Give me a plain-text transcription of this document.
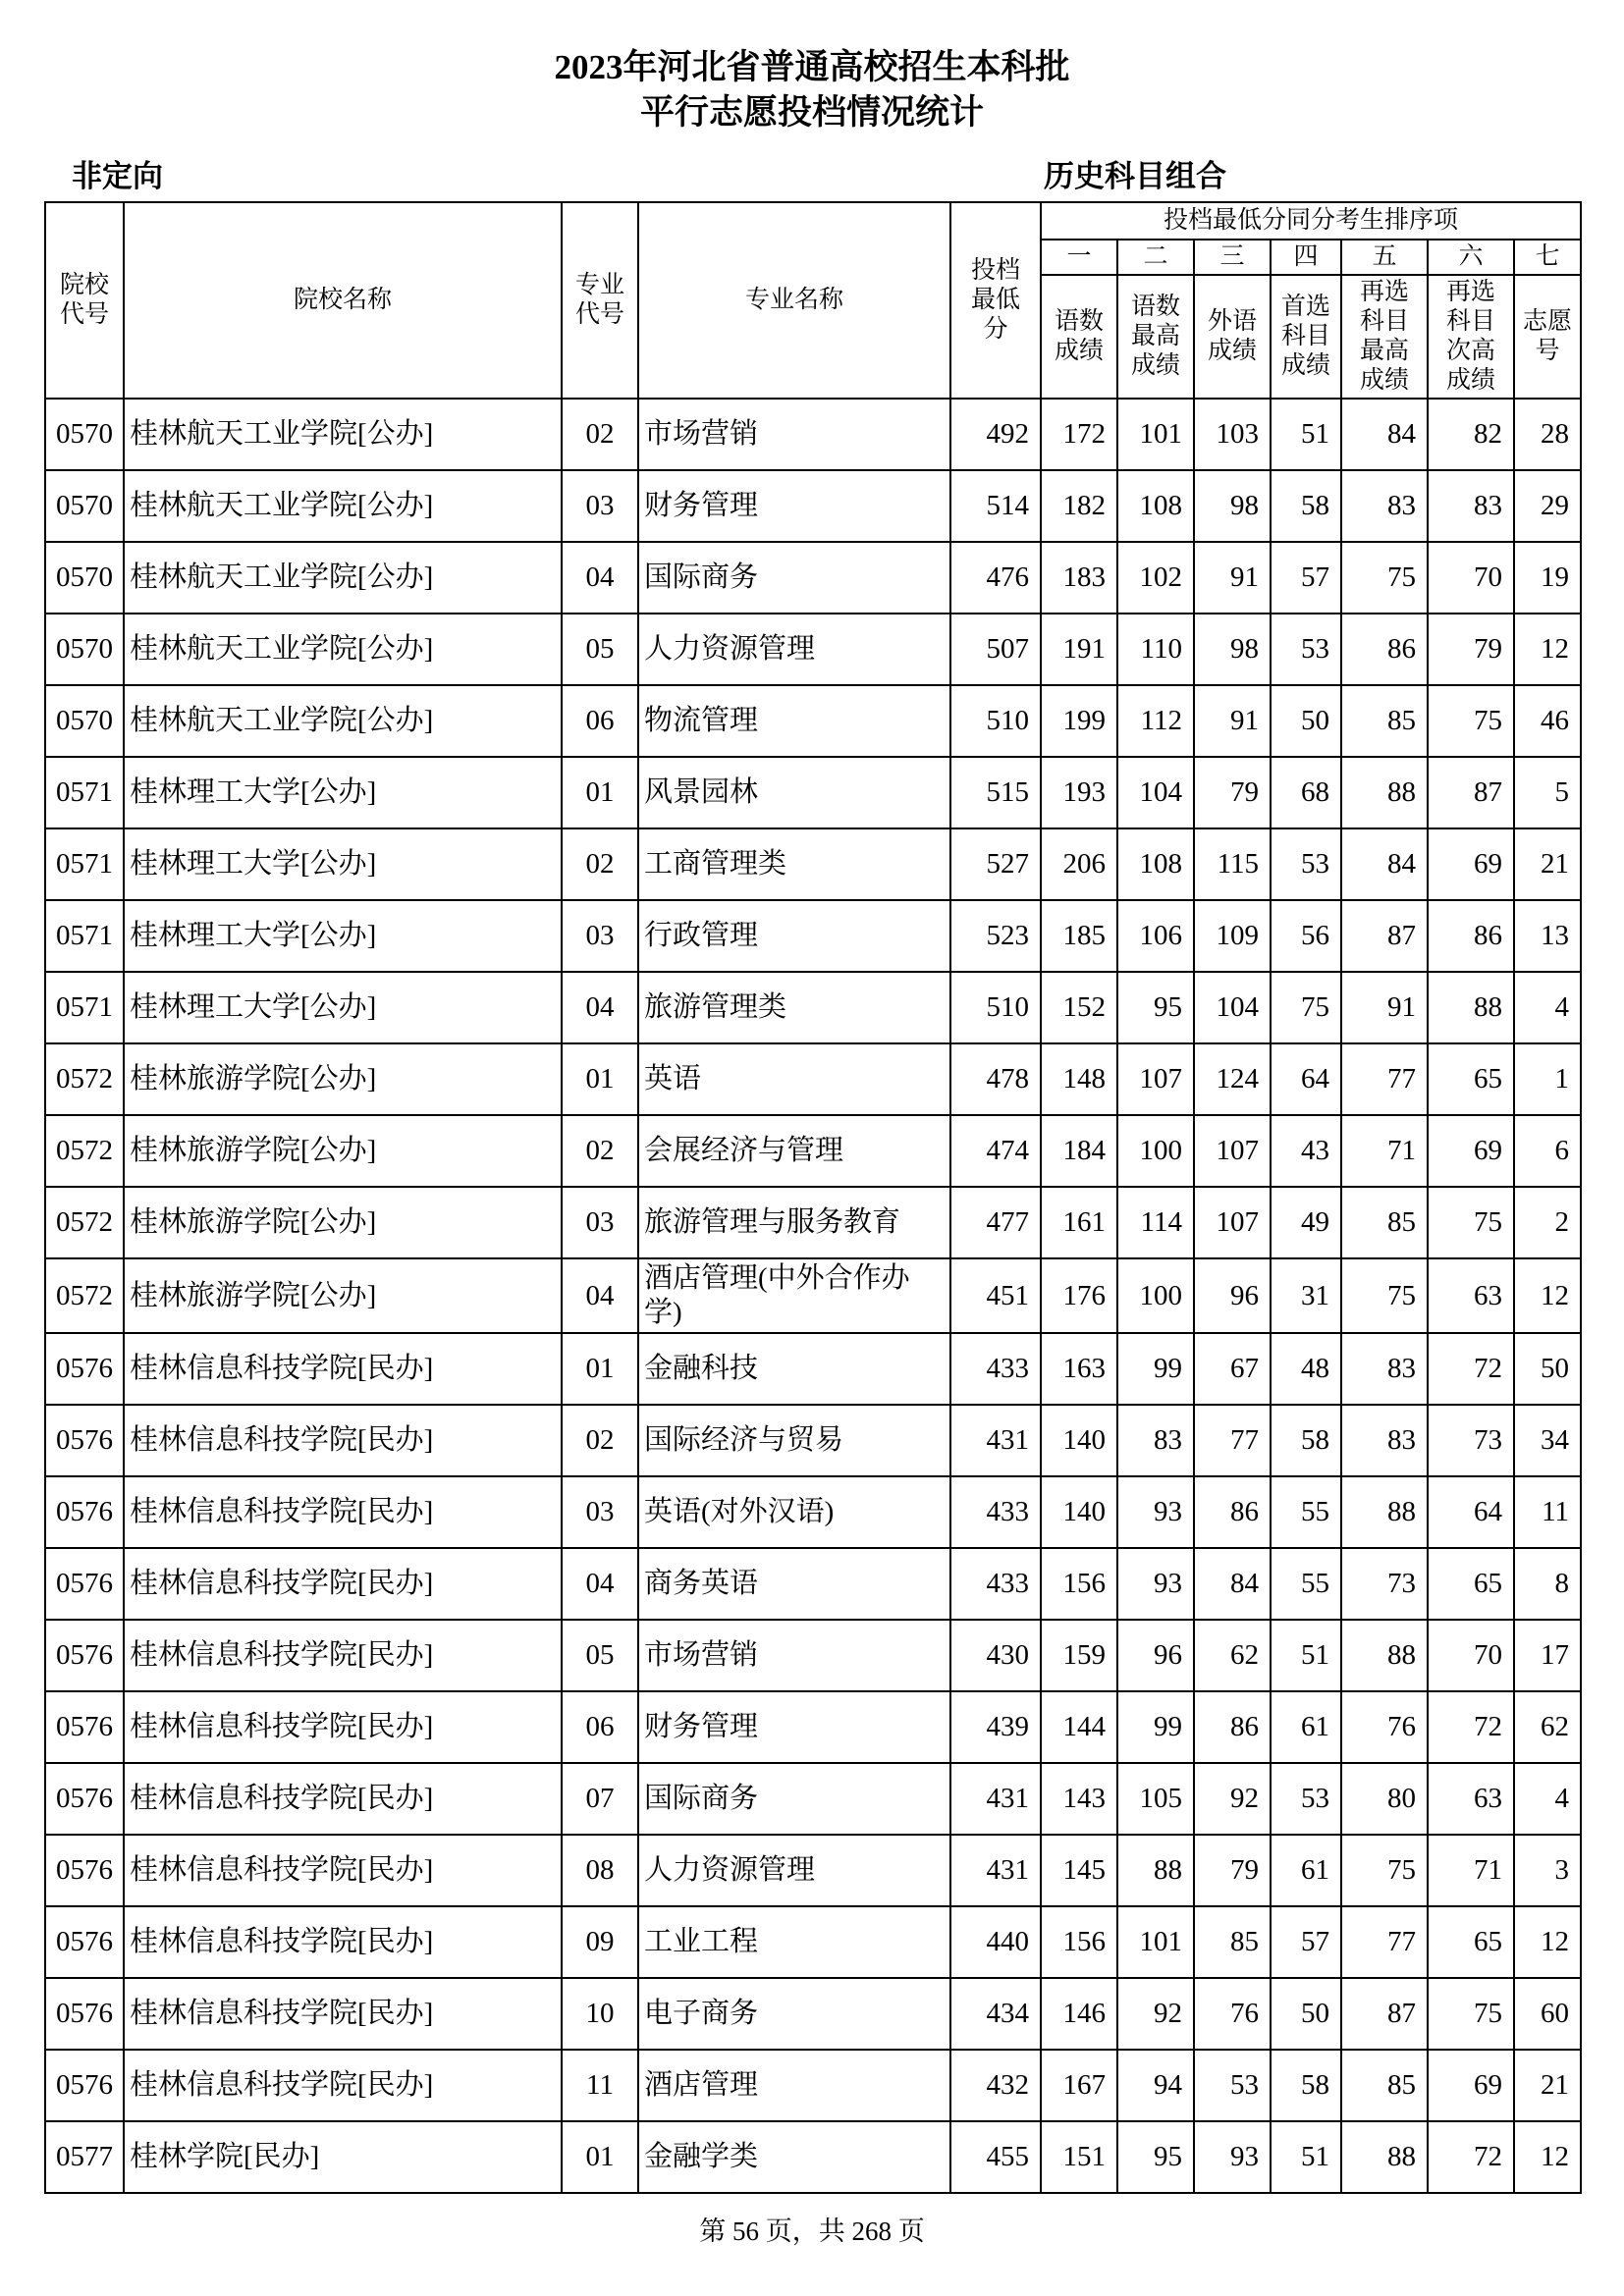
2023年河北省普通高校招生本科批
平行志愿投档情况统计
非定向	历史科目组合
院校代号	院校名称	专业代号	专业名称	投档最低分	投档最低分同分考生排序项						
					一	二	三	四	五	六	七
					语数成绩	语数最高成绩	外语成绩	首选科目成绩	再选科目最高成绩	再选科目次高成绩	志愿号
0570	桂林航天工业学院[公办]	02	市场营销	492	172	101	103	51	84	82	28
0570	桂林航天工业学院[公办]	03	财务管理	514	182	108	98	58	83	83	29
0570	桂林航天工业学院[公办]	04	国际商务	476	183	102	91	57	75	70	19
0570	桂林航天工业学院[公办]	05	人力资源管理	507	191	110	98	53	86	79	12
0570	桂林航天工业学院[公办]	06	物流管理	510	199	112	91	50	85	75	46
0571	桂林理工大学[公办]	01	风景园林	515	193	104	79	68	88	87	5
0571	桂林理工大学[公办]	02	工商管理类	527	206	108	115	53	84	69	21
0571	桂林理工大学[公办]	03	行政管理	523	185	106	109	56	87	86	13
0571	桂林理工大学[公办]	04	旅游管理类	510	152	95	104	75	91	88	4
0572	桂林旅游学院[公办]	01	英语	478	148	107	124	64	77	65	1
0572	桂林旅游学院[公办]	02	会展经济与管理	474	184	100	107	43	71	69	6
0572	桂林旅游学院[公办]	03	旅游管理与服务教育	477	161	114	107	49	85	75	2
0572	桂林旅游学院[公办]	04	酒店管理(中外合作办学)	451	176	100	96	31	75	63	12
0576	桂林信息科技学院[民办]	01	金融科技	433	163	99	67	48	83	72	50
0576	桂林信息科技学院[民办]	02	国际经济与贸易	431	140	83	77	58	83	73	34
0576	桂林信息科技学院[民办]	03	英语(对外汉语)	433	140	93	86	55	88	64	11
0576	桂林信息科技学院[民办]	04	商务英语	433	156	93	84	55	73	65	8
0576	桂林信息科技学院[民办]	05	市场营销	430	159	96	62	51	88	70	17
0576	桂林信息科技学院[民办]	06	财务管理	439	144	99	86	61	76	72	62
0576	桂林信息科技学院[民办]	07	国际商务	431	143	105	92	53	80	63	4
0576	桂林信息科技学院[民办]	08	人力资源管理	431	145	88	79	61	75	71	3
0576	桂林信息科技学院[民办]	09	工业工程	440	156	101	85	57	77	65	12
0576	桂林信息科技学院[民办]	10	电子商务	434	146	92	76	50	87	75	60
0576	桂林信息科技学院[民办]	11	酒店管理	432	167	94	53	58	85	69	21
0577	桂林学院[民办]	01	金融学类	455	151	95	93	51	88	72	12
第 56 页，共 268 页
